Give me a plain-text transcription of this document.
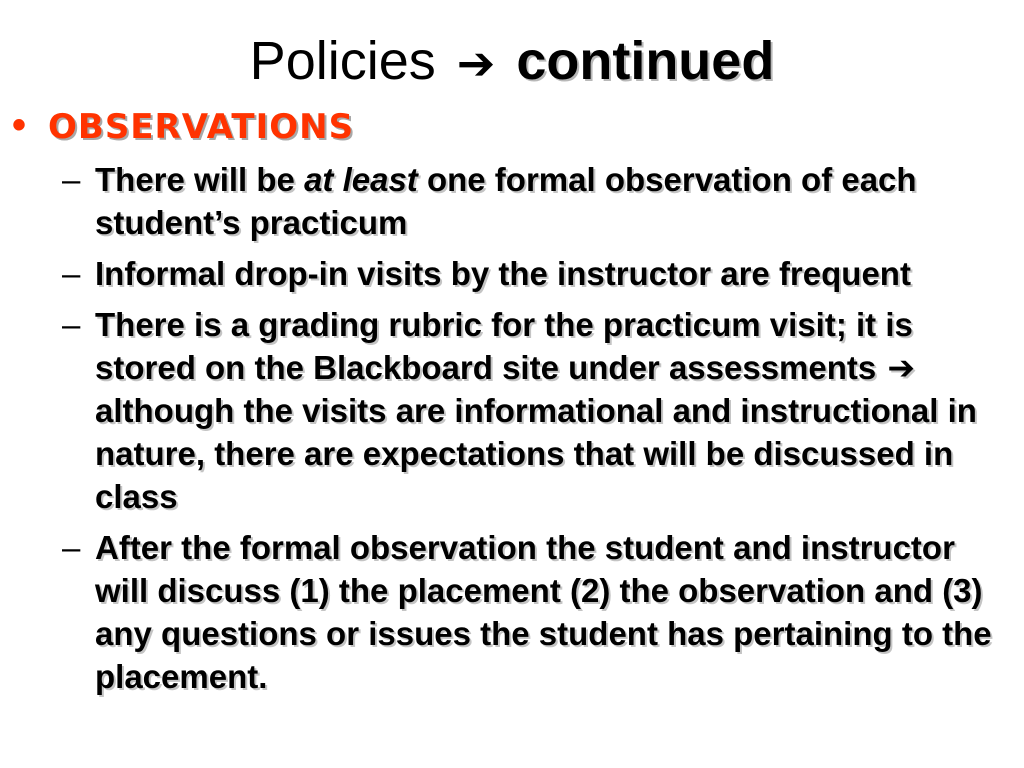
Policies ➔ continued
• OBSERVATIONS
– There will be at least one formal observation of each student’s practicum
– Informal drop-in visits by the instructor are frequent
– There is a grading rubric for the practicum visit; it is stored on the Blackboard site under assessments ➔ although the visits are informational and instructional in nature, there are expectations that will be discussed in class
– After the formal observation the student and instructor will discuss (1) the placement (2) the observation and (3) any questions or issues the student has pertaining to the placement.
